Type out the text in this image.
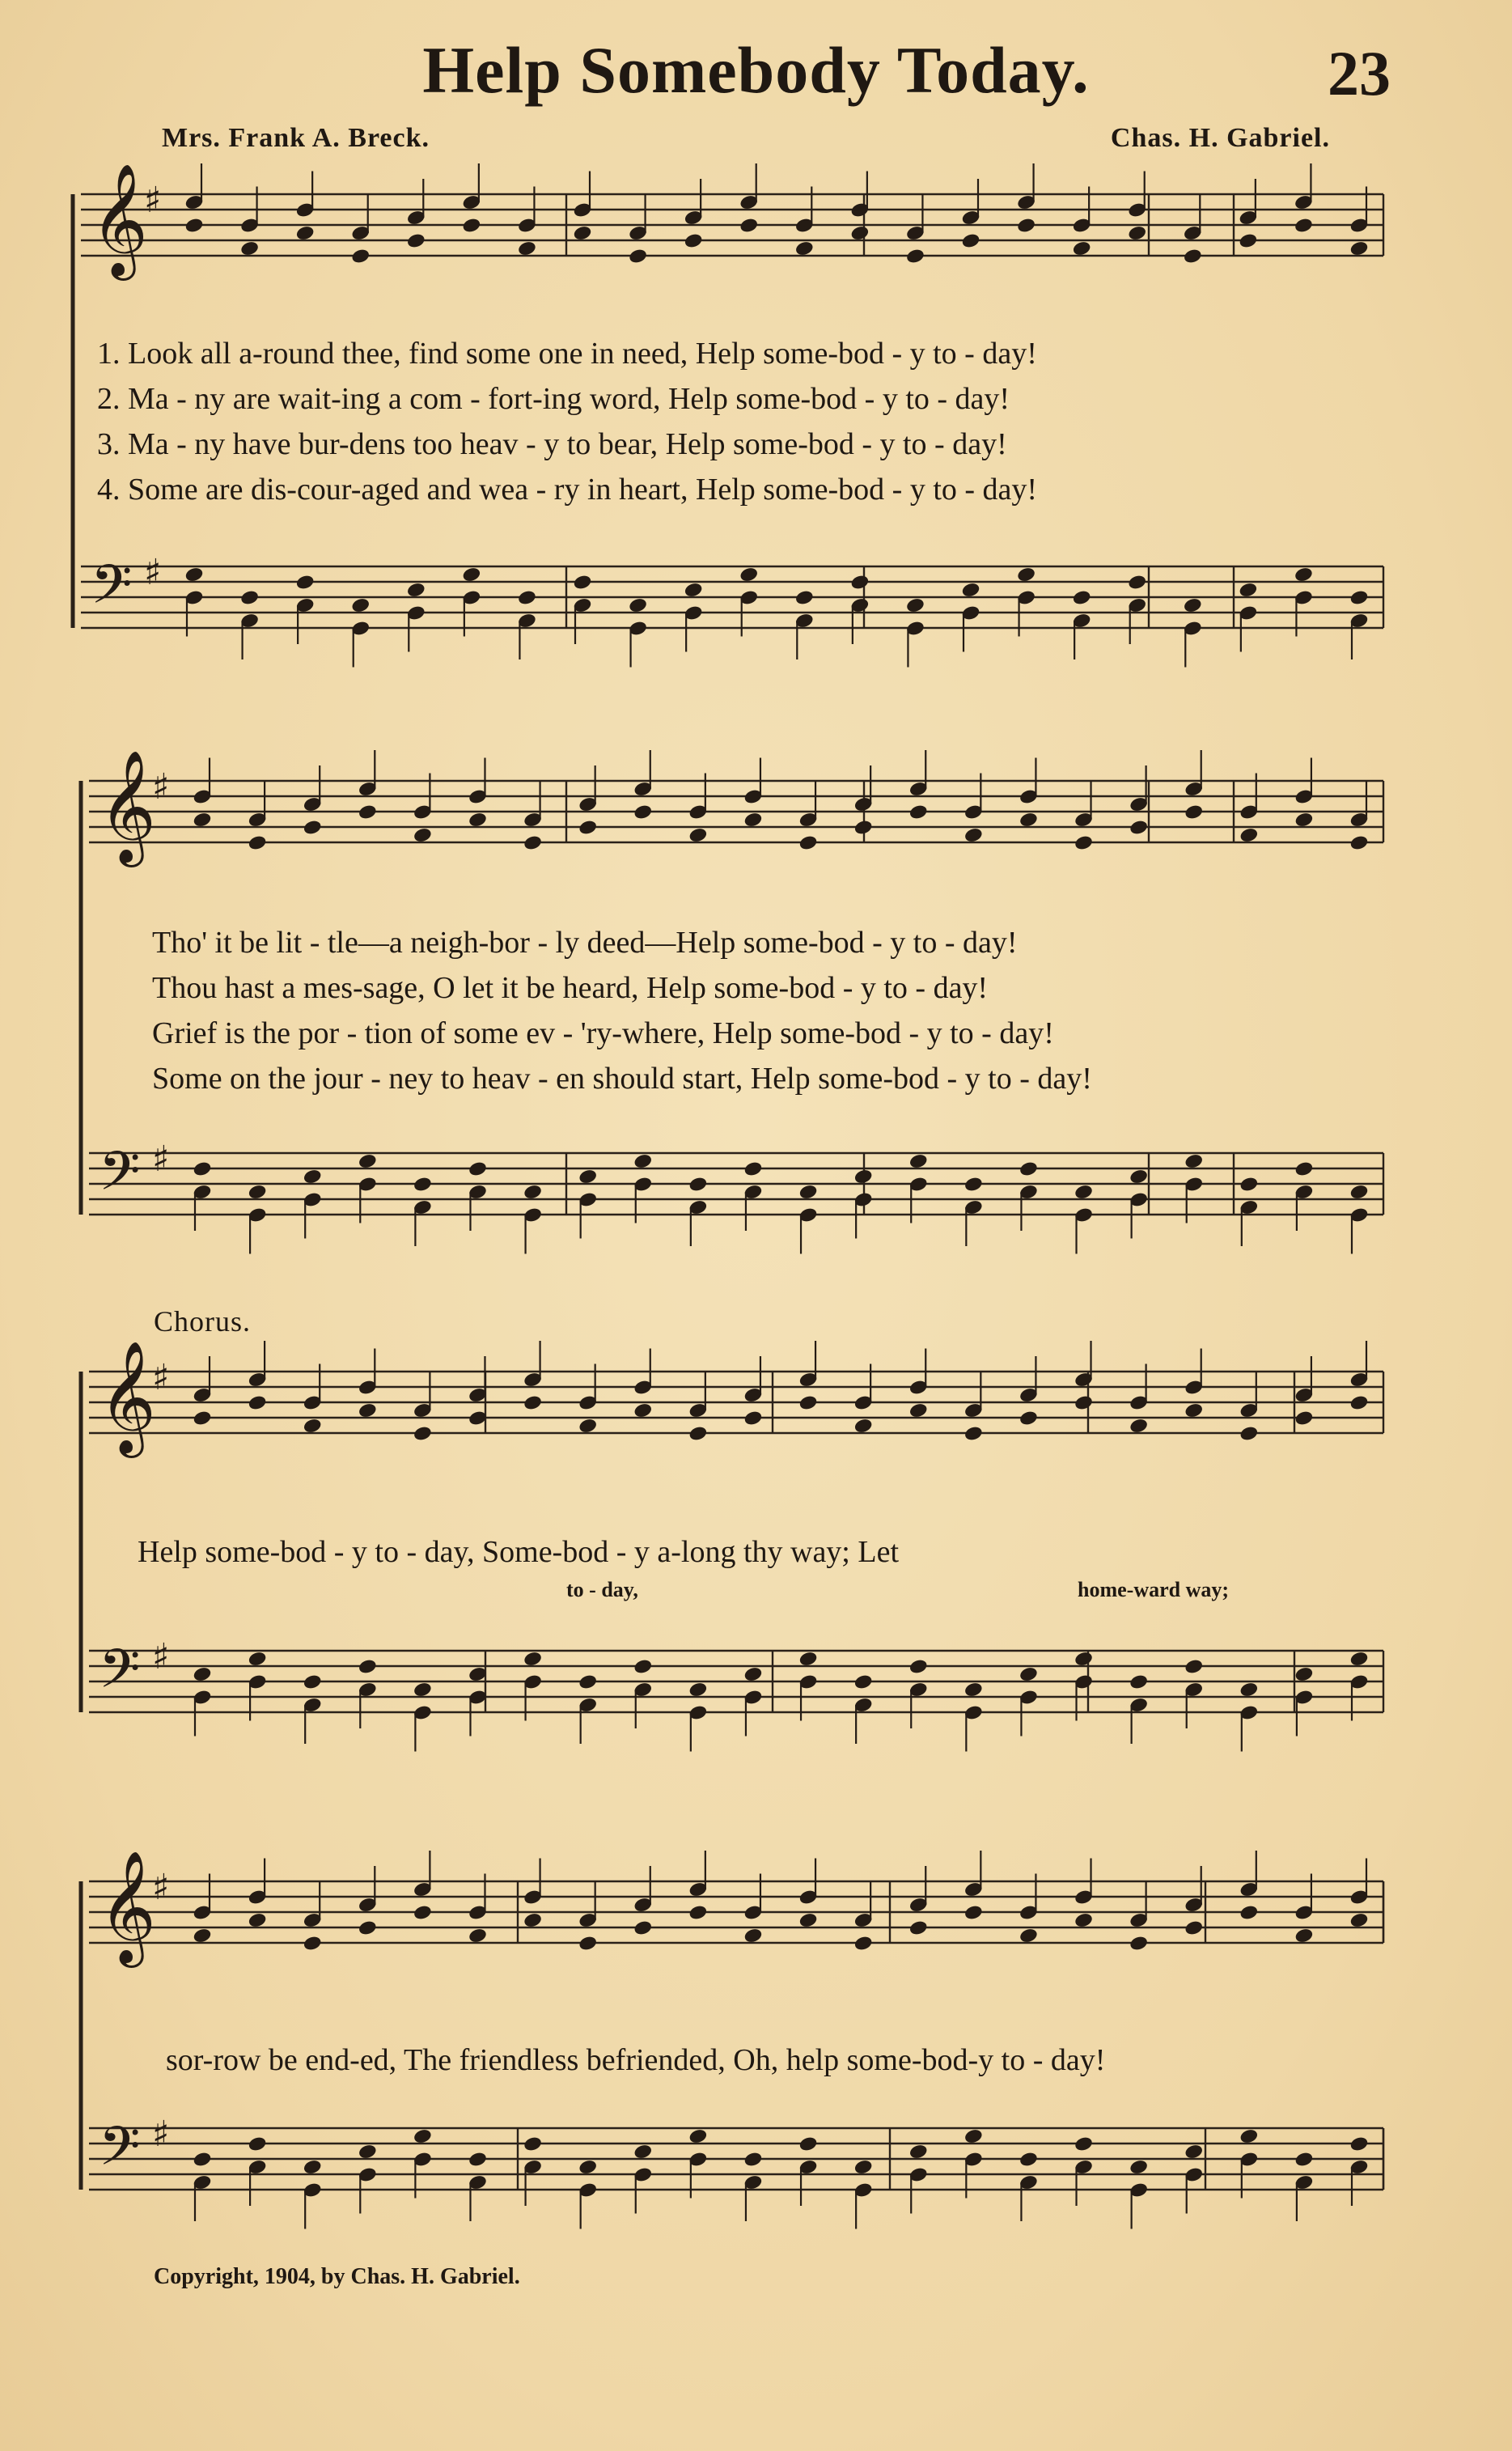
𝄞
♯
𝄢 ♯
𝄞
♯
𝄢 ♯
𝄞
♯
𝄢 ♯
𝄞
♯
𝄢 ♯
Help Somebody Today.	23
Mrs. Frank A. Breck.	Chas. H. Gabriel.
1. Look all a-round thee, find some one in need, Help some-bod - y to - day!
2. Ma - ny are wait-ing a com - fort-ing word, Help some-bod - y to - day!
3. Ma - ny have bur-dens too heav - y to bear, Help some-bod - y to - day!
4. Some are dis-cour-aged and wea - ry in heart, Help some-bod - y to - day!
Tho' it be lit - tle—a neigh-bor - ly deed—Help some-bod - y to - day!
Thou hast a mes-sage, O let it be heard, Help some-bod - y to - day!
Grief is the por - tion of some ev - 'ry-where, Help some-bod - y to - day!
Some on the jour - ney to heav - en should start, Help some-bod - y to - day!
Chorus.
Help some-bod - y to - day, Some-bod - y a-long thy way; Let
to - day,	home-ward way;
sor-row be end-ed, The friendless befriended, Oh, help some-bod-y to - day!
Copyright, 1904, by Chas. H. Gabriel.
